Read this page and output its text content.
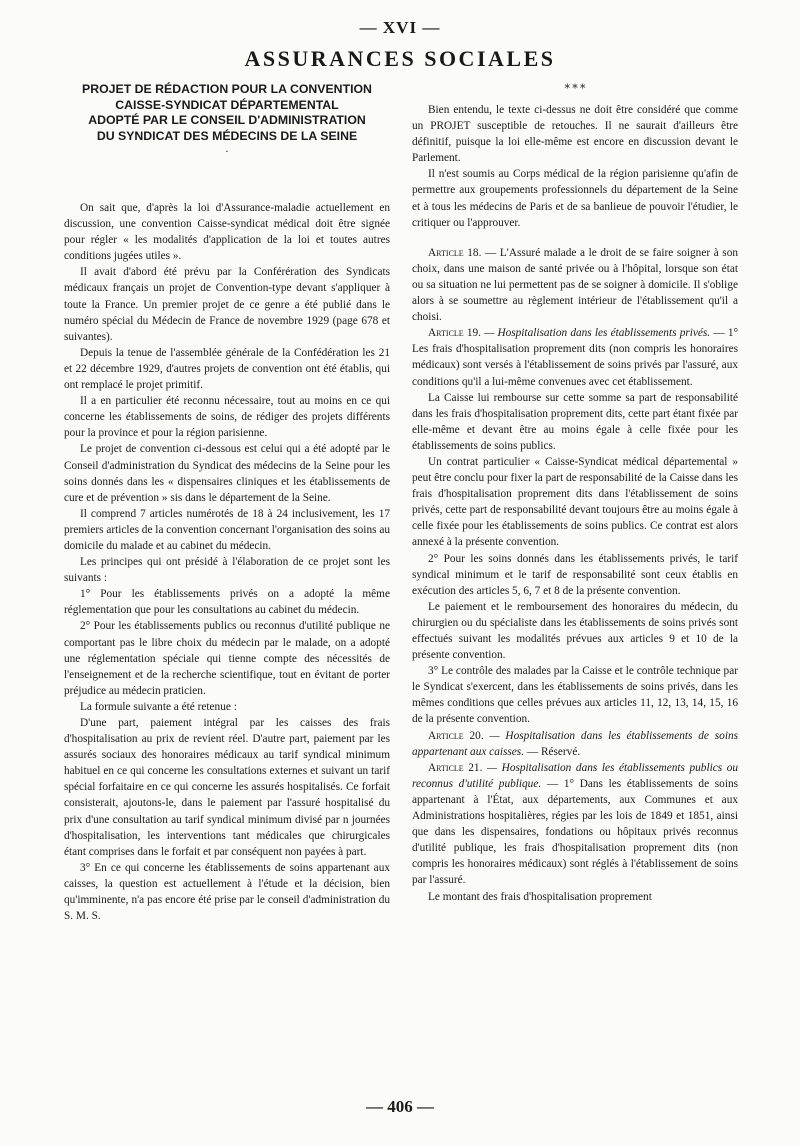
— XVI —
ASSURANCES SOCIALES
PROJET DE RÉDACTION POUR LA CONVENTION
CAISSE-SYNDICAT DÉPARTEMENTAL
ADOPTÉ PAR LE CONSEIL D'ADMINISTRATION
DU SYNDICAT DES MÉDECINS DE LA SEINE
·

On sait que, d'après la loi d'Assurance-maladie actuellement en discussion, une convention Caisse-syndicat médical doit être signée pour régler « les modalités d'application de la loi et toutes autres conditions jugées utiles ».

Il avait d'abord été prévu par la Conférération des Syndicats médicaux français un projet de Convention-type devant s'appliquer à toute la France. Un premier projet de ce genre a été publié dans le numéro spécial du Médecin de France de novembre 1929 (page 678 et suivantes).

Depuis la tenue de l'assemblée générale de la Confédération les 21 et 22 décembre 1929, d'autres projets de convention ont été établis, qui ont remplacé le projet primitif.

Il a en particulier été reconnu nécessaire, tout au moins en ce qui concerne les établissements de soins, de rédiger des projets différents pour la province et pour la région parisienne.

Le projet de convention ci-dessous est celui qui a été adopté par le Conseil d'administration du Syndicat des médecins de la Seine pour les soins donnés dans les « dispensaires cliniques et les établissements de cure et de prévention » sis dans le département de la Seine.

Il comprend 7 articles numérotés de 18 à 24 inclusivement, les 17 premiers articles de la convention concernant l'organisation des soins au domicile du malade et au cabinet du médecin.

Les principes qui ont présidé à l'élaboration de ce projet sont les suivants :

1° Pour les établissements privés on a adopté la même réglementation que pour les consultations au cabinet du médecin.

2° Pour les établissements publics ou reconnus d'utilité publique ne comportant pas le libre choix du médecin par le malade, on a adopté une réglementation spéciale qui tienne compte des nécessités de l'enseignement et de la recherche scientifique, tout en évitant de porter préjudice au médecin praticien.

La formule suivante a été retenue :

D'une part, paiement intégral par les caisses des frais d'hospitalisation au prix de revient réel. D'autre part, paiement par les assurés sociaux des honoraires médicaux au tarif syndical minimum habituel en ce qui concerne les consultations externes et suivant un tarif spécial forfaitaire en ce qui concerne les assurés hospitalisés. Ce forfait consisterait, ajoutons-le, dans le paiement par l'assuré hospitalisé du prix d'une consultation au tarif syndical minimum divisé par n journées d'hospitalisation, les interventions tant médicales que chirurgicales étant comprises dans le forfait et par conséquent non payées à part.

3° En ce qui concerne les établissements de soins appartenant aux caisses, la question est actuellement à l'étude et la décision, bien qu'imminente, n'a pas encore été prise par le conseil d'administration du S. M. S.

* * *

Bien entendu, le texte ci-dessus ne doit être considéré que comme un PROJET susceptible de retouches. Il ne saurait d'ailleurs être définitif, puisque la loi elle-même est encore en discussion devant le Parlement.

Il n'est soumis au Corps médical de la région parisienne qu'afin de permettre aux groupements professionnels du département de la Seine et à tous les médecins de Paris et de sa banlieue de pouvoir l'étudier, le critiquer ou l'approuver.

Article 18. — L'Assuré malade a le droit de se faire soigner à son choix, dans une maison de santé privée ou à l'hôpital, lorsque son état ou sa situation ne lui permettent pas de se soigner à domicile. Il s'oblige alors à se soumettre au règlement intérieur de l'établissement qu'il a choisi.

Article 19. — Hospitalisation dans les établissements privés. — 1° Les frais d'hospitalisation proprement dits (non compris les honoraires médicaux) sont versés à l'établissement de soins privés par l'assuré, aux conditions qu'il a lui-même convenues avec cet établissement.

La Caisse lui rembourse sur cette somme sa part de responsabilité dans les frais d'hospitalisation proprement dits, cette part étant fixée par elle-même et devant être au moins égale à celle fixée pour les établissements de soins publics.

Un contrat particulier « Caisse-Syndicat médical départemental » peut être conclu pour fixer la part de responsabilité de la Caisse dans les frais d'hospitalisation proprement dits dans l'établissement de soins privés, cette part de responsabilité devant toujours être au moins égale à celle fixée pour les établissements de soins publics. Ce contrat est alors annexé à la présente convention.

2° Pour les soins donnés dans les établissements privés, le tarif syndical minimum et le tarif de responsabilité sont ceux établis en exécution des articles 5, 6, 7 et 8 de la présente convention.

Le paiement et le remboursement des honoraires du médecin, du chirurgien ou du spécialiste dans les établissements de soins privés sont effectués suivant les modalités prévues aux articles 9 et 10 de la présente convention.

3° Le contrôle des malades par la Caisse et le contrôle technique par le Syndicat s'exercent, dans les établissements de soins privés, dans les mêmes conditions que celles prévues aux articles 11, 12, 13, 14, 15, 16 de la présente convention.

Article 20. — Hospitalisation dans les établissements de soins appartenant aux caisses. — Réservé.

Article 21. — Hospitalisation dans les établissements publics ou reconnus d'utilité publique. — 1° Dans les établissements de soins appartenant à l'État, aux départements, aux Communes et aux Administrations hospitalières, régies par les lois de 1849 et 1851, ainsi que dans les dispensaires, fondations ou hôpitaux privés reconnus d'utilité publique, les frais d'hospitalisation proprement dits (non compris les honoraires médicaux) sont réglés à l'établissement de soins par l'assuré.

Le montant des frais d'hospitalisation proprement

— 406 —
